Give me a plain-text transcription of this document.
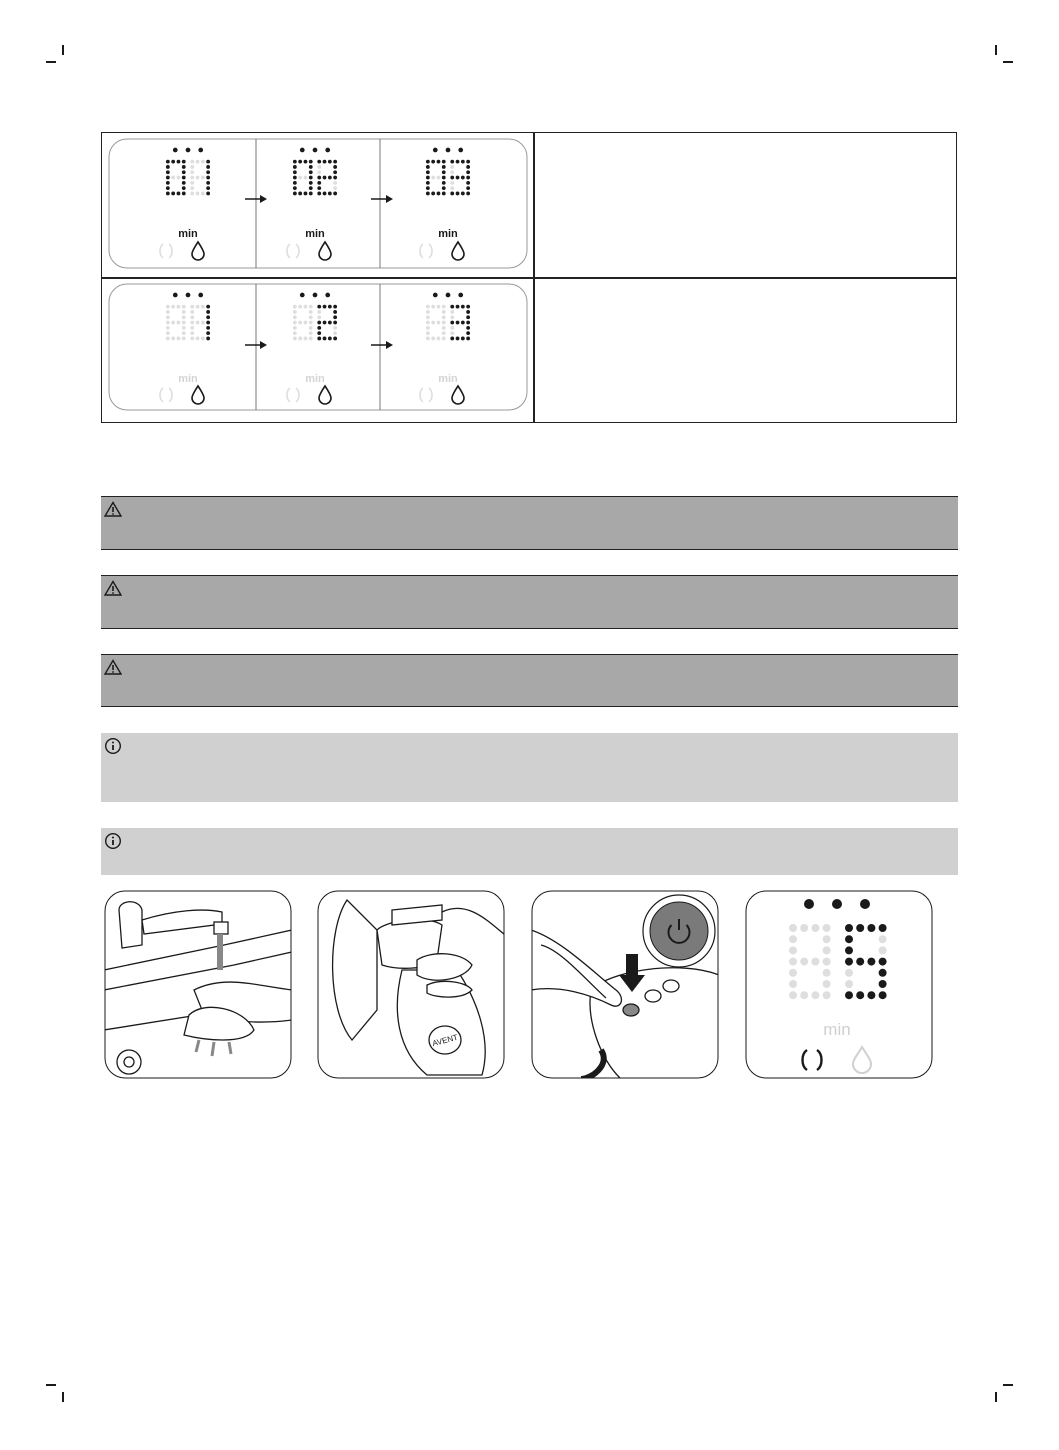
min	min	min
min	min	min
AVENT
min
